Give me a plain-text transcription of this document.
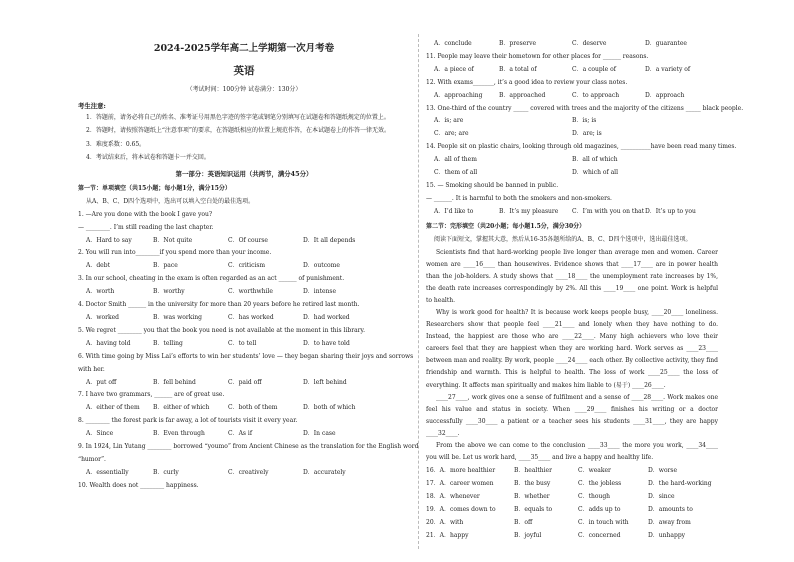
2024-2025学年高二上学期第一次月考卷
英语
（考试时间：100分钟 试卷满分：130分）
考生注意:
1．答题前，请务必将自己的姓名、准考证号用黑色字迹的签字笔或钢笔分别填写在试题卷和答题纸规定的位置上。
2．答题时，请按照答题纸上“注意事项”的要求，在答题纸相应的位置上规范作答，在本试题卷上的作答一律无效。
3．难度系数：0.65。
4．考试结束后，将本试卷和答题卡一并交回。
第一部分：英语知识运用（共两节，满分45分）
第一节：单项填空（共15小题；每小题1分，满分15分）
从A、B、C、D四个选项中，选出可以填入空白处的最佳选项。
1. —Are you done with the book I gave you?
— ________. I’m still reading the last chapter.
A．Hard to say	B．Not quite	C．Of course	D．It all depends
2. You will run into________if you spend more than your income.
A．debt	B．pace	C．criticism	D．outcome
3. In our school, cheating in the exam is often regarded as an act ______ of punishment.
A．worth	B．worthy	C．worthwhile	D．intense
4. Doctor Smith ______ in the university for more than 20 years before he retired last month.
A．worked	B．was working	C．has worked	D．had worked
5. We regret ________ you that the book you need is not available at the moment in this library.
A．having told	B．telling	C．to tell	D．to have told
6. With time going by Miss Lai’s efforts to win her students’ love — they began sharing their joys and sorrows
with her.
A．put off	B．fell behind	C．paid off	D．left behind
7. I have two grammars, ______ are of great use.
A．either of them	B．either of which	C．both of them	D．both of which
8. ________ the forest park is far away, a lot of tourists visit it every year.
A．Since	B．Even through	C．As if	D．In case
9. In 1924, Lin Yutang ________ borrowed “youmo” from Ancient Chinese as the translation for the English word
“humor”.
A．essentially	B．curly	C．creatively	D．accurately
10. Wealth does not ________ happiness.
A．conclude	B．preserve	C．deserve	D．guarantee
11. People may leave their hometown for other places for ______ reasons.
A．a piece of	B．a total of	C．a couple of	D．a variety of
12. With exams_______, it’s a good idea to review your class notes.
A．approaching	B．approached	C．to approach	D．approach
13. One-third of the country _____ covered with trees and the majority of the citizens _____ black people.
A．is; are	B．is; is
C．are; are	D．are; is
14. People sit on plastic chairs, looking through old magazines, __________have been read many times.
A．all of them	B．all of which
C．them of all	D．which of all
15. — Smoking should be banned in public.
— ______. It is harmful to both the smokers and non-smokers.
A．I’d like to	B．It’s my pleasure	C．I’m with you on that D．It’s up to you
第二节：完形填空（共20小题；每小题1.5分，满分30分）
阅读下面短文，掌握其大意，然后从16-35各题所给的A、B、C、D四个选项中，选出最佳选项。
Scientists find that hard-working people live longer than average men and women. Career women are ____16____ than housewives. Evidence shows that ____17____ are in power health than the job-holders. A study shows that ____18____ the unemployment rate increases by 1%, the death rate increases correspondingly by 2%. All this ____19____ one point. Work is helpful to health.
Why is work good for health? It is because work keeps people busy, ____20____ loneliness. Researchers show that people feel ____21____ and lonely when they have nothing to do. Instead, the happiest are those who are ____22____. Many high achievers who love their careers feel that they are happiest when they are working hard. Work serves as ____23____ between man and reality. By work, people ____24____ each other. By collective activity, they find friendship and warmth. This is helpful to health. The loss of work ____25____ the loss of everything. It affects man spiritually and makes him liable to (易于) ____26____.
____27____, work gives one a sense of fulfilment and a sense of ____28____. Work makes one feel his value and status in society. When ____29____ finishes his writing or a doctor successfully ____30____ a patient or a teacher sees his students ____31____, they are happy ____32____.
From the above we can come to the conclusion ____33____ the more you work, ____34____ you will be. Let us work hard, ____35____ and live a happy and healthy life.
16．A．more healthier	B．healthier	C．weaker	D．worse
17．A．career women	B．the busy	C．the jobless	D．the hard-working
18．A．whenever	B．whether	C．though	D．since
19．A．comes down to	B．equals to	C．adds up to	D．amounts to
20．A．with	B．off	C．in touch with	D．away from
21．A．happy	B．joyful	C．concerned	D．unhappy
